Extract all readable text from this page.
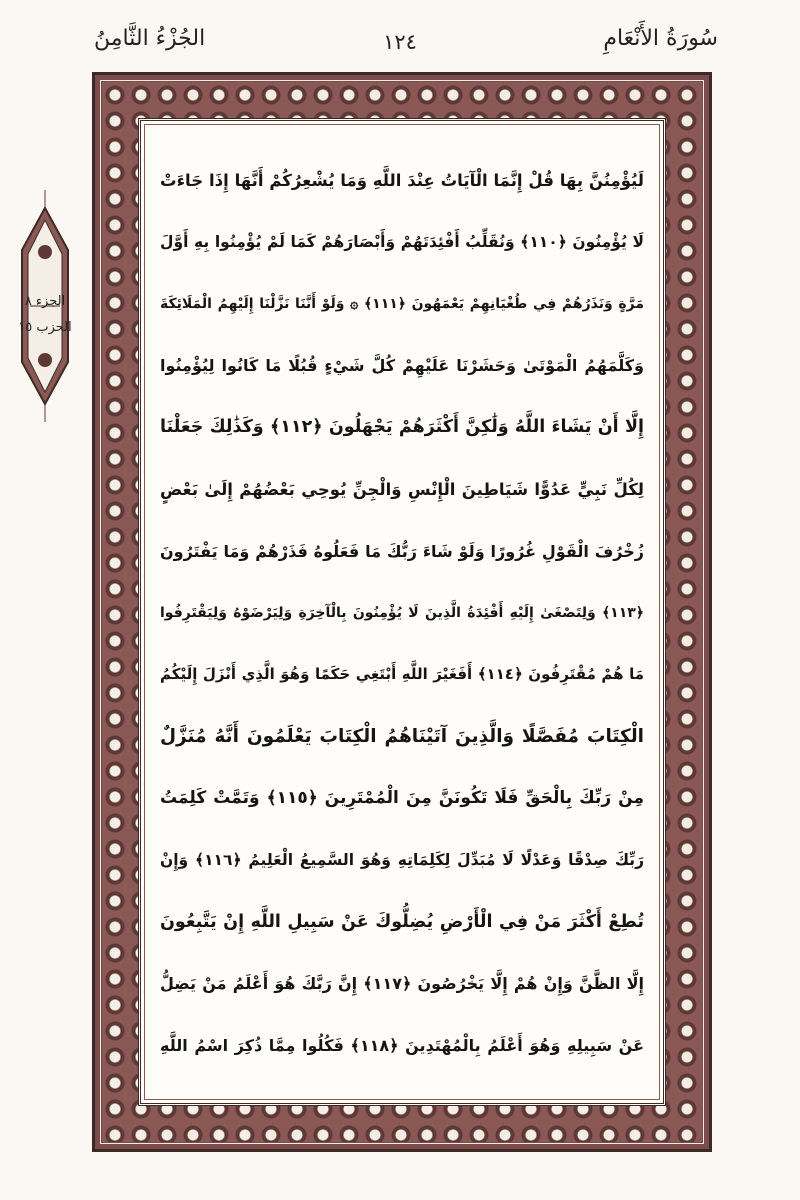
سُورَةُ الأَنْعَامِ
١٢٤
الجُزْءُ الثَّامِنُ
الجزء ٨
الحزب ١٥
لَيُؤْمِنُنَّ بِهَا قُلْ إِنَّمَا الْآيَاتُ عِنْدَ اللَّهِ وَمَا يُشْعِرُكُمْ أَنَّهَا إِذَا جَاءَتْ
لَا يُؤْمِنُونَ ﴿١١٠﴾ وَنُقَلِّبُ أَفْئِدَتَهُمْ وَأَبْصَارَهُمْ كَمَا لَمْ يُؤْمِنُوا بِهِ أَوَّلَ
مَرَّةٍ وَنَذَرُهُمْ فِي طُغْيَانِهِمْ يَعْمَهُونَ ﴿١١١﴾ ۞ وَلَوْ أَنَّنَا نَزَّلْنَا إِلَيْهِمُ الْمَلَائِكَةَ
وَكَلَّمَهُمُ الْمَوْتَىٰ وَحَشَرْنَا عَلَيْهِمْ كُلَّ شَيْءٍ قُبُلًا مَا كَانُوا لِيُؤْمِنُوا
إِلَّا أَنْ يَشَاءَ اللَّهُ وَلَٰكِنَّ أَكْثَرَهُمْ يَجْهَلُونَ ﴿١١٢﴾ وَكَذَٰلِكَ جَعَلْنَا
لِكُلِّ نَبِيٍّ عَدُوًّا شَيَاطِينَ الْإِنْسِ وَالْجِنِّ يُوحِي بَعْضُهُمْ إِلَىٰ بَعْضٍ
زُخْرُفَ الْقَوْلِ غُرُورًا وَلَوْ شَاءَ رَبُّكَ مَا فَعَلُوهُ فَذَرْهُمْ وَمَا يَفْتَرُونَ
﴿١١٣﴾ وَلِتَصْغَىٰ إِلَيْهِ أَفْئِدَةُ الَّذِينَ لَا يُؤْمِنُونَ بِالْآخِرَةِ وَلِيَرْضَوْهُ وَلِيَقْتَرِفُوا
مَا هُمْ مُقْتَرِفُونَ ﴿١١٤﴾ أَفَغَيْرَ اللَّهِ أَبْتَغِي حَكَمًا وَهُوَ الَّذِي أَنْزَلَ إِلَيْكُمُ
الْكِتَابَ مُفَصَّلًا وَالَّذِينَ آتَيْنَاهُمُ الْكِتَابَ يَعْلَمُونَ أَنَّهُ مُنَزَّلٌ
مِنْ رَبِّكَ بِالْحَقِّ فَلَا تَكُونَنَّ مِنَ الْمُمْتَرِينَ ﴿١١٥﴾ وَتَمَّتْ كَلِمَتُ
رَبِّكَ صِدْقًا وَعَدْلًا لَا مُبَدِّلَ لِكَلِمَاتِهِ وَهُوَ السَّمِيعُ الْعَلِيمُ ﴿١١٦﴾ وَإِنْ
تُطِعْ أَكْثَرَ مَنْ فِي الْأَرْضِ يُضِلُّوكَ عَنْ سَبِيلِ اللَّهِ إِنْ يَتَّبِعُونَ
إِلَّا الظَّنَّ وَإِنْ هُمْ إِلَّا يَخْرُصُونَ ﴿١١٧﴾ إِنَّ رَبَّكَ هُوَ أَعْلَمُ مَنْ يَضِلُّ
عَنْ سَبِيلِهِ وَهُوَ أَعْلَمُ بِالْمُهْتَدِينَ ﴿١١٨﴾ فَكُلُوا مِمَّا ذُكِرَ اسْمُ اللَّهِ
